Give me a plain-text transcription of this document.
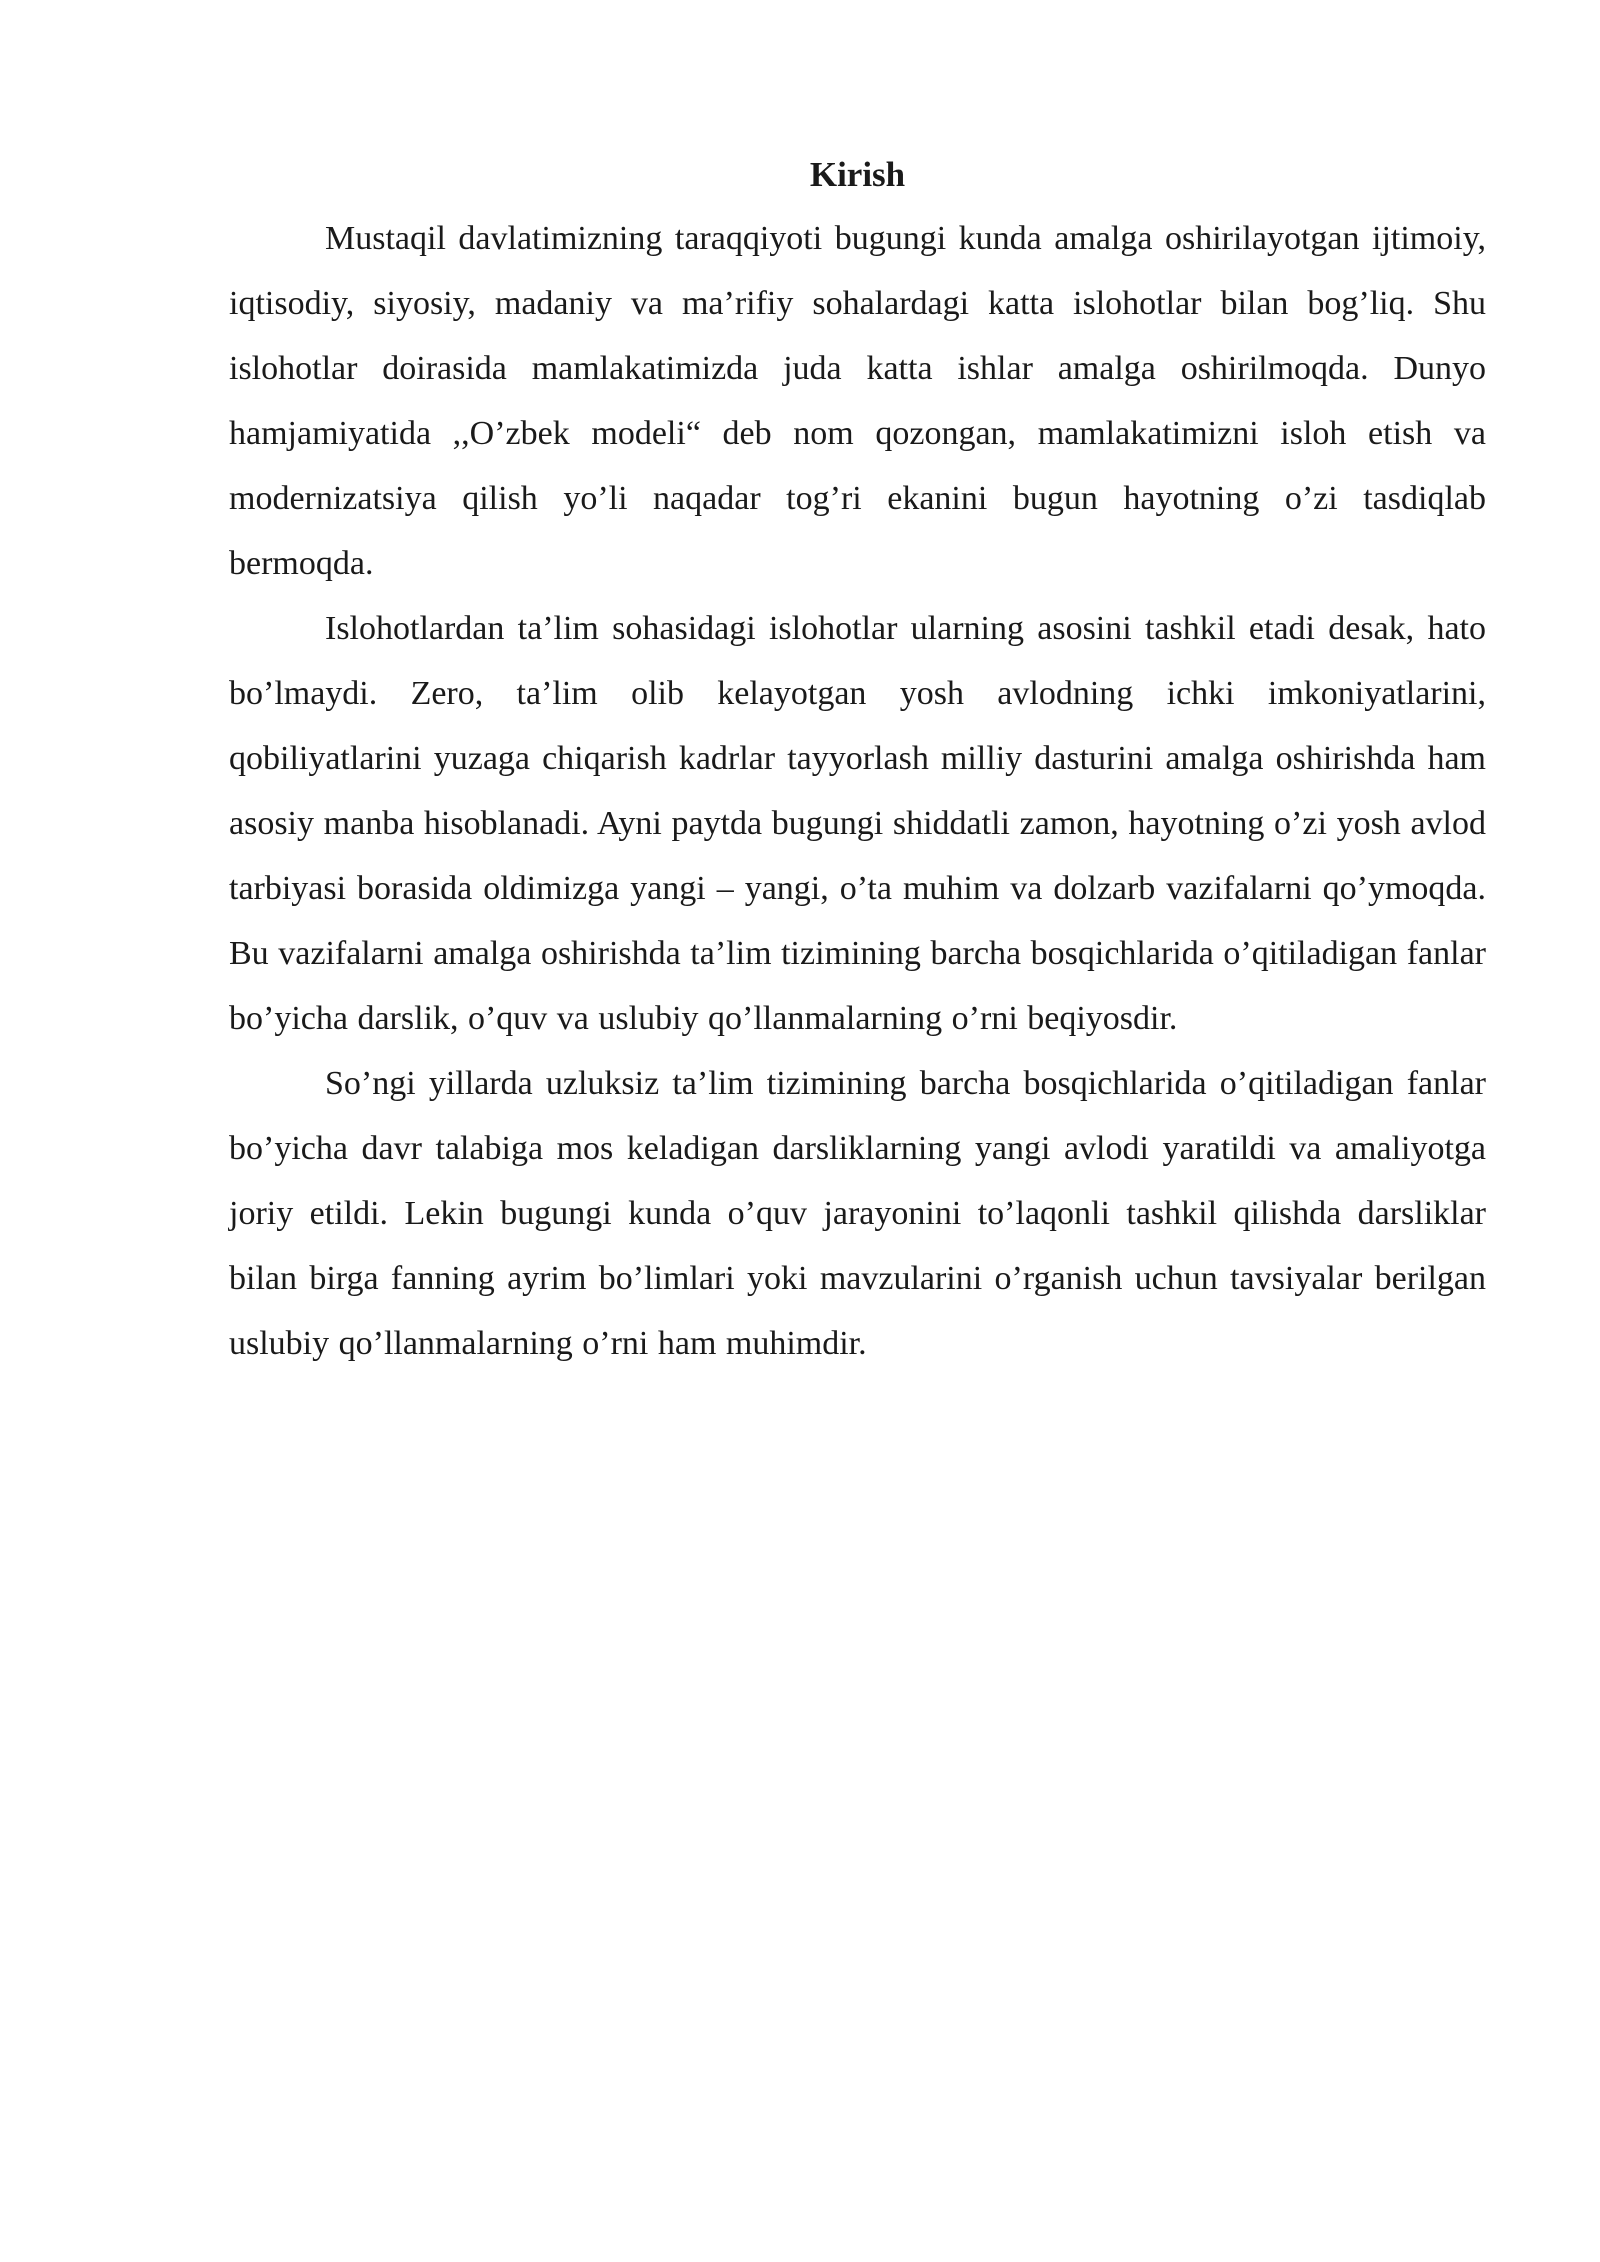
Kirish

Mustaqil davlatimizning taraqqiyoti bugungi kunda amalga oshirilayotgan ijtimoiy, iqtisodiy, siyosiy, madaniy va ma’rifiy sohalardagi katta islohotlar bilan bog’liq. Shu islohotlar doirasida mamlakatimizda juda katta ishlar amalga oshirilmoqda. Dunyo hamjamiyatida ,,O’zbek modeli“ deb nom qozongan, mamlakatimizni isloh etish va modernizatsiya qilish yo’li naqadar tog’ri ekanini bugun hayotning o’zi tasdiqlab bermoqda.

Islohotlardan ta’lim sohasidagi islohotlar ularning asosini tashkil etadi desak, hato bo’lmaydi. Zero, ta’lim olib kelayotgan yosh avlodning ichki imkoniyatlarini, qobiliyatlarini yuzaga chiqarish kadrlar tayyorlash milliy dasturini amalga oshirishda ham asosiy manba hisoblanadi. Ayni paytda bugungi shiddatli zamon, hayotning o’zi yosh avlod tarbiyasi borasida oldimizga yangi – yangi, o’ta muhim va dolzarb vazifalarni qo’ymoqda. Bu vazifalarni amalga oshirishda ta’lim tizimining barcha bosqichlarida o’qitiladigan fanlar bo’yicha darslik, o’quv va uslubiy qo’llanmalarning o’rni beqiyosdir.

So’ngi yillarda uzluksiz ta’lim tizimining barcha bosqichlarida o’qitiladigan fanlar bo’yicha davr talabiga mos keladigan darsliklarning yangi avlodi yaratildi va amaliyotga joriy etildi. Lekin bugungi kunda o’quv jarayonini to’laqonli tashkil qilishda darsliklar bilan birga fanning ayrim bo’limlari yoki mavzularini o’rganish uchun tavsiyalar berilgan uslubiy qo’llanmalarning o’rni ham muhimdir.
